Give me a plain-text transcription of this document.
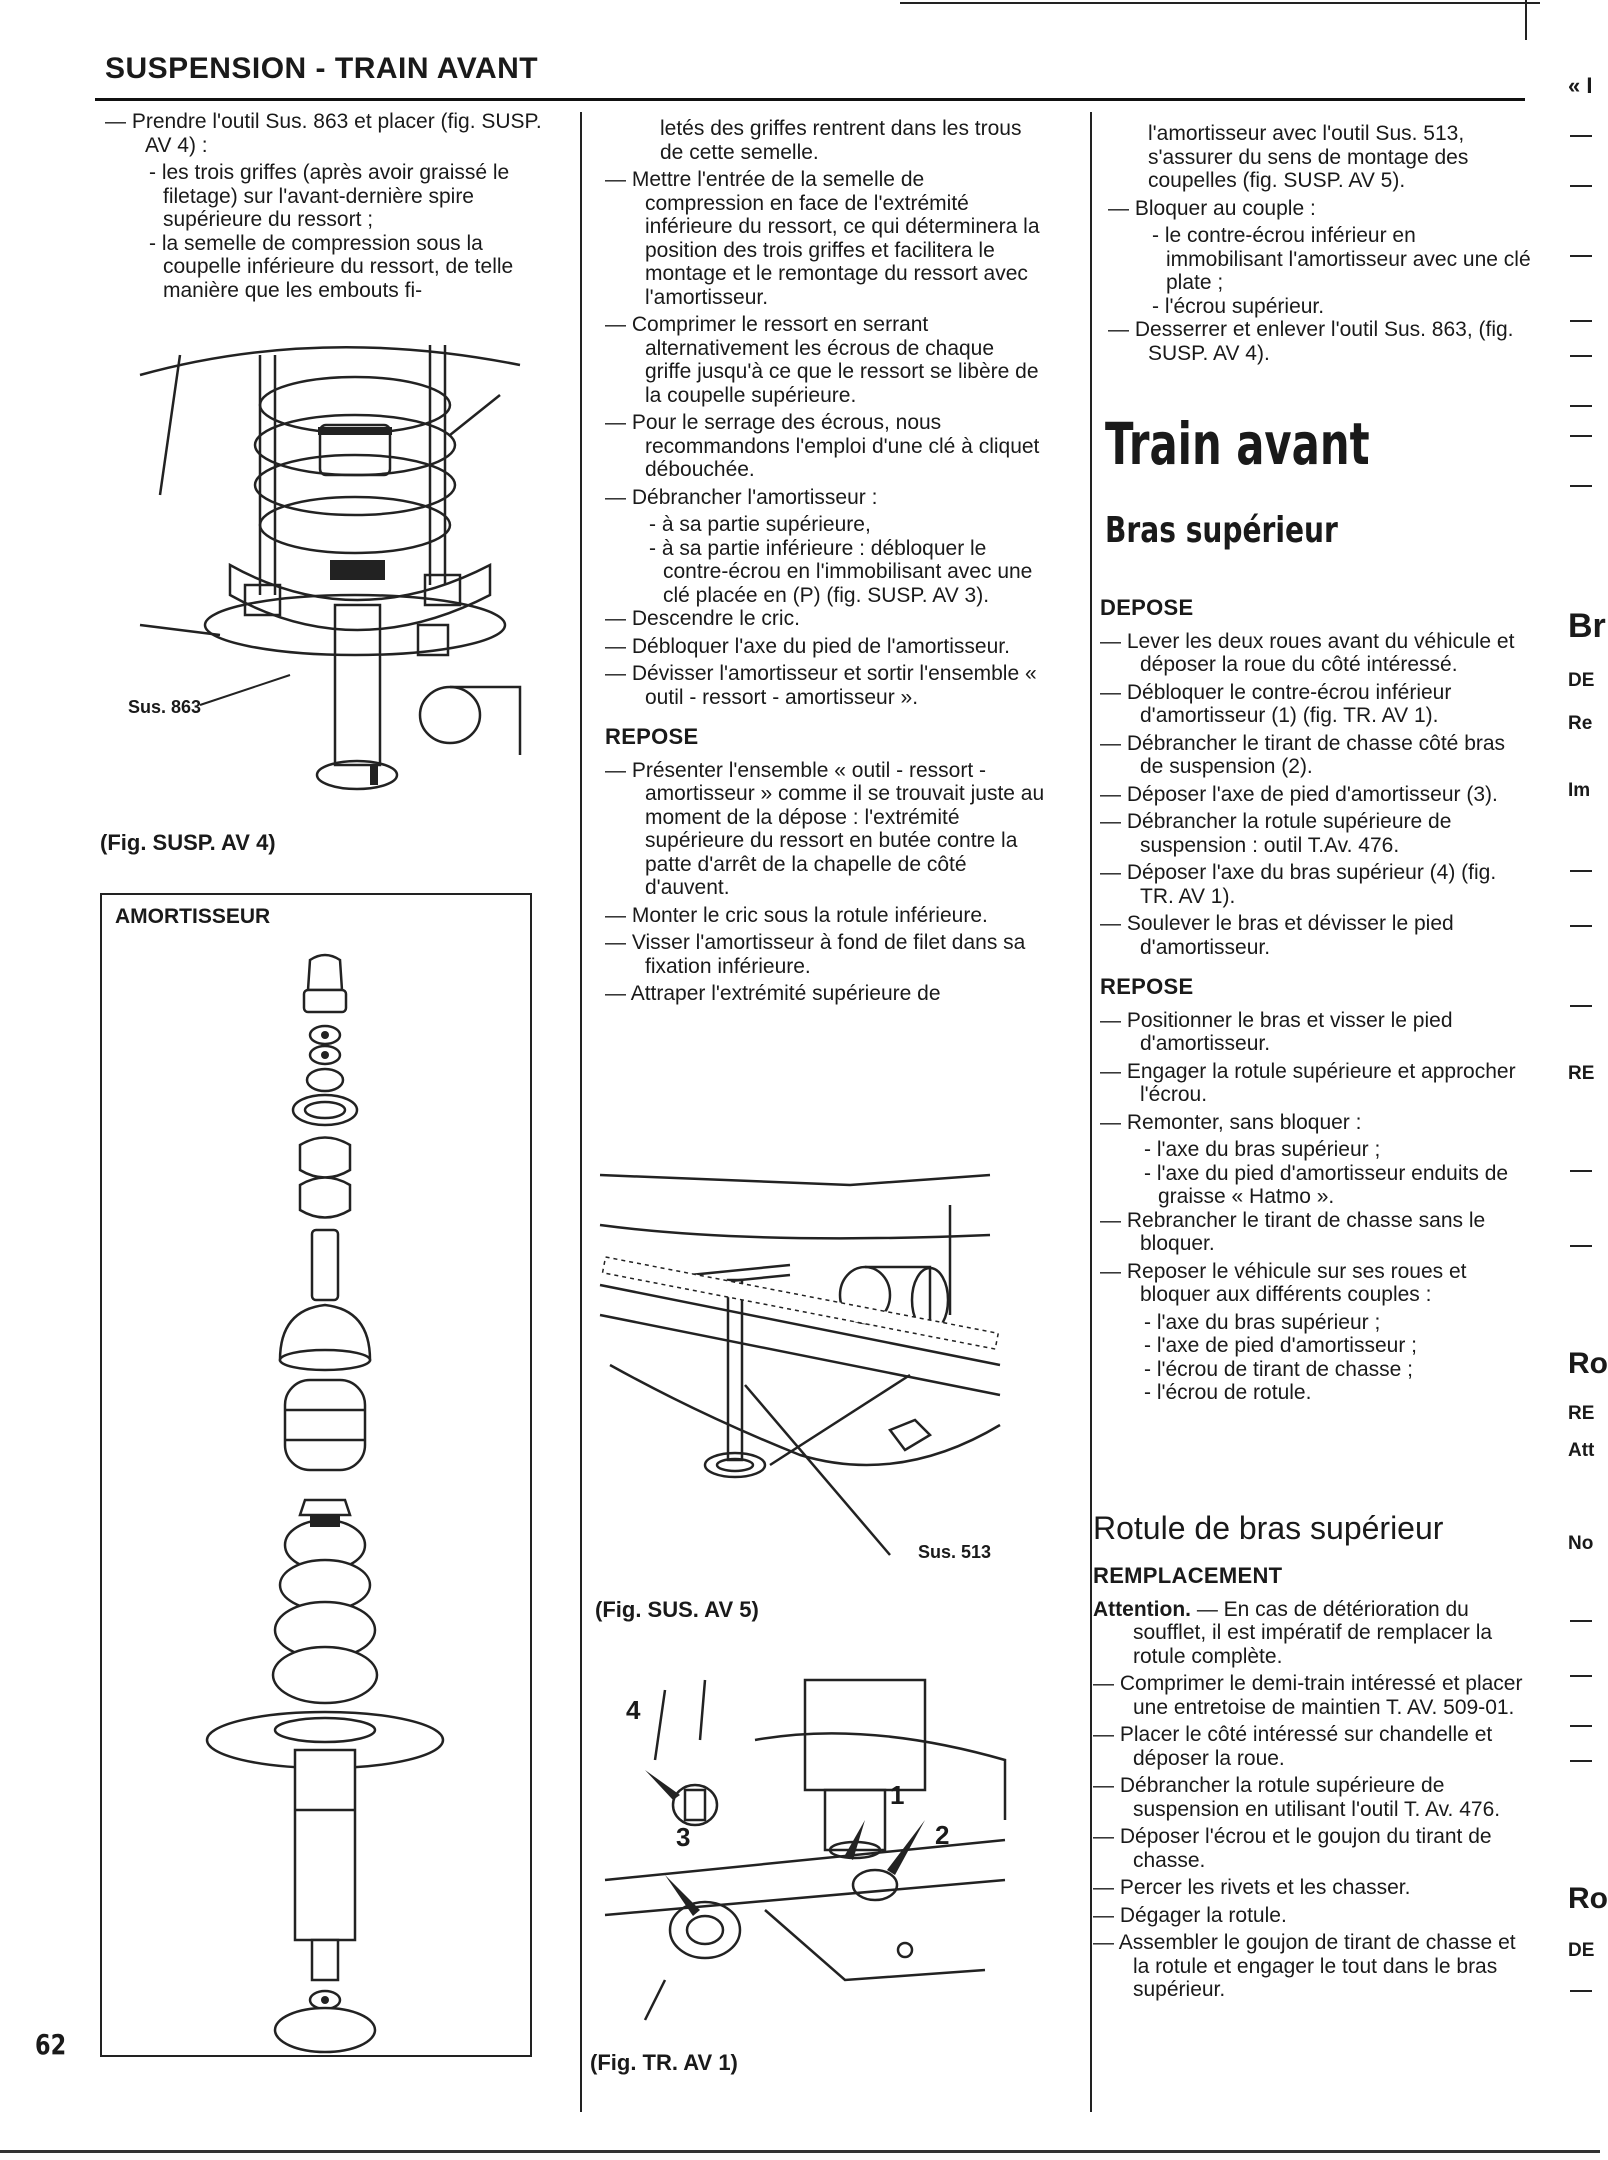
SUSPENSION - TRAIN AVANT

— Prendre l'outil Sus. 863 et placer (fig. SUSP. AV 4) :

- les trois griffes (après avoir graissé le filetage) sur l'avant-dernière spire supérieure du ressort ;

- la semelle de compression sous la coupelle inférieure du ressort, de telle manière que les embouts fi-

Sus. 863
(Fig. SUSP. AV 4)
AMORTISSEUR
62

letés des griffes rentrent dans les trous de cette semelle.

— Mettre l'entrée de la semelle de compression en face de l'extrémité inférieure du ressort, ce qui déterminera la position des trois griffes et facilitera le montage et le remontage du ressort avec l'amortisseur.

— Comprimer le ressort en serrant alternativement les écrous de chaque griffe jusqu'à ce que le ressort se libère de la coupelle supérieure.

— Pour le serrage des écrous, nous recommandons l'emploi d'une clé à cliquet débouchée.

— Débrancher l'amortisseur :

- à sa partie supérieure,

- à sa partie inférieure : débloquer le contre-écrou en l'immobilisant avec une clé placée en (P) (fig. SUSP. AV 3).

— Descendre le cric.

— Débloquer l'axe du pied de l'amortisseur.

— Dévisser l'amortisseur et sortir l'ensemble « outil - ressort - amortisseur ».

REPOSE

— Présenter l'ensemble « outil - ressort - amortisseur » comme il se trouvait juste au moment de la dépose : l'extrémité supérieure du ressort en butée contre la patte d'arrêt de la chapelle de côté d'auvent.

— Monter le cric sous la rotule inférieure.

— Visser l'amortisseur à fond de filet dans sa fixation inférieure.

— Attraper l'extrémité supérieure de

Sus. 513
(Fig. SUS. AV 5)
4
3
1
2
(Fig. TR. AV 1)

l'amortisseur avec l'outil Sus. 513, s'assurer du sens de montage des coupelles (fig. SUSP. AV 5).

— Bloquer au couple :

- le contre-écrou inférieur en immobilisant l'amortisseur avec une clé plate ;

- l'écrou supérieur.

— Desserrer et enlever l'outil Sus. 863, (fig. SUSP. AV 4).

Train avant
Bras supérieur

DEPOSE

— Lever les deux roues avant du véhicule et déposer la roue du côté intéressé.

— Débloquer le contre-écrou inférieur d'amortisseur (1) (fig. TR. AV 1).

— Débrancher le tirant de chasse côté bras de suspension (2).

— Déposer l'axe de pied d'amortisseur (3).

— Débrancher la rotule supérieure de suspension : outil T.Av. 476.

— Déposer l'axe du bras supérieur (4) (fig. TR. AV 1).

— Soulever le bras et dévisser le pied d'amortisseur.

REPOSE

— Positionner le bras et visser le pied d'amortisseur.

— Engager la rotule supérieure et approcher l'écrou.

— Remonter, sans bloquer :

- l'axe du bras supérieur ;

- l'axe du pied d'amortisseur enduits de graisse « Hatmo ».

— Rebrancher le tirant de chasse sans le bloquer.

— Reposer le véhicule sur ses roues et bloquer aux différents couples :

- l'axe du bras supérieur ;

- l'axe de pied d'amortisseur ;

- l'écrou de tirant de chasse ;

- l'écrou de rotule.

Rotule de bras supérieur

REMPLACEMENT

Attention. — En cas de détérioration du soufflet, il est impératif de remplacer la rotule complète.

— Comprimer le demi-train intéressé et placer une entretoise de maintien T. AV. 509-01.

— Placer le côté intéressé sur chandelle et déposer la roue.

— Débrancher la rotule supérieure de suspension en utilisant l'outil T. Av. 476.

— Déposer l'écrou et le goujon du tirant de chasse.

— Percer les rivets et les chasser.

— Dégager la rotule.

— Assembler le goujon de tirant de chasse et la rotule et engager le tout dans le bras supérieur.

« I
Br
DE
Re
Im
RE
Ro
RE
Att
No
Ro
DE
